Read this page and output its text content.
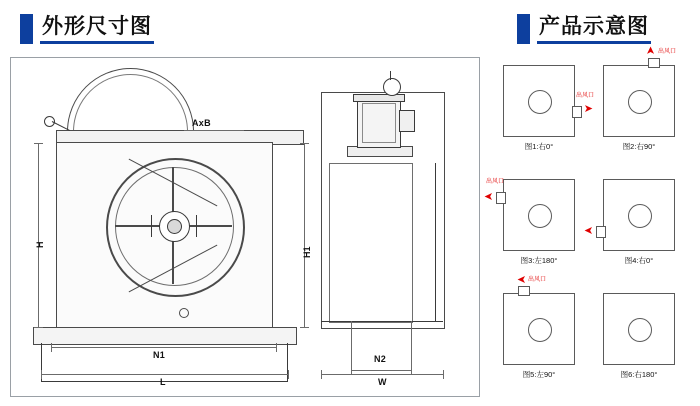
外形尺寸图	产品示意图
H
H1
AxB
N1
L
N2
W
➤
出风口
图1:右0°
➤ 出风口
图2:右90°
➤
出风口
图3:左180°
➤
图4:右0°
➤ 出风口
图5:左90°	图6:右180°
